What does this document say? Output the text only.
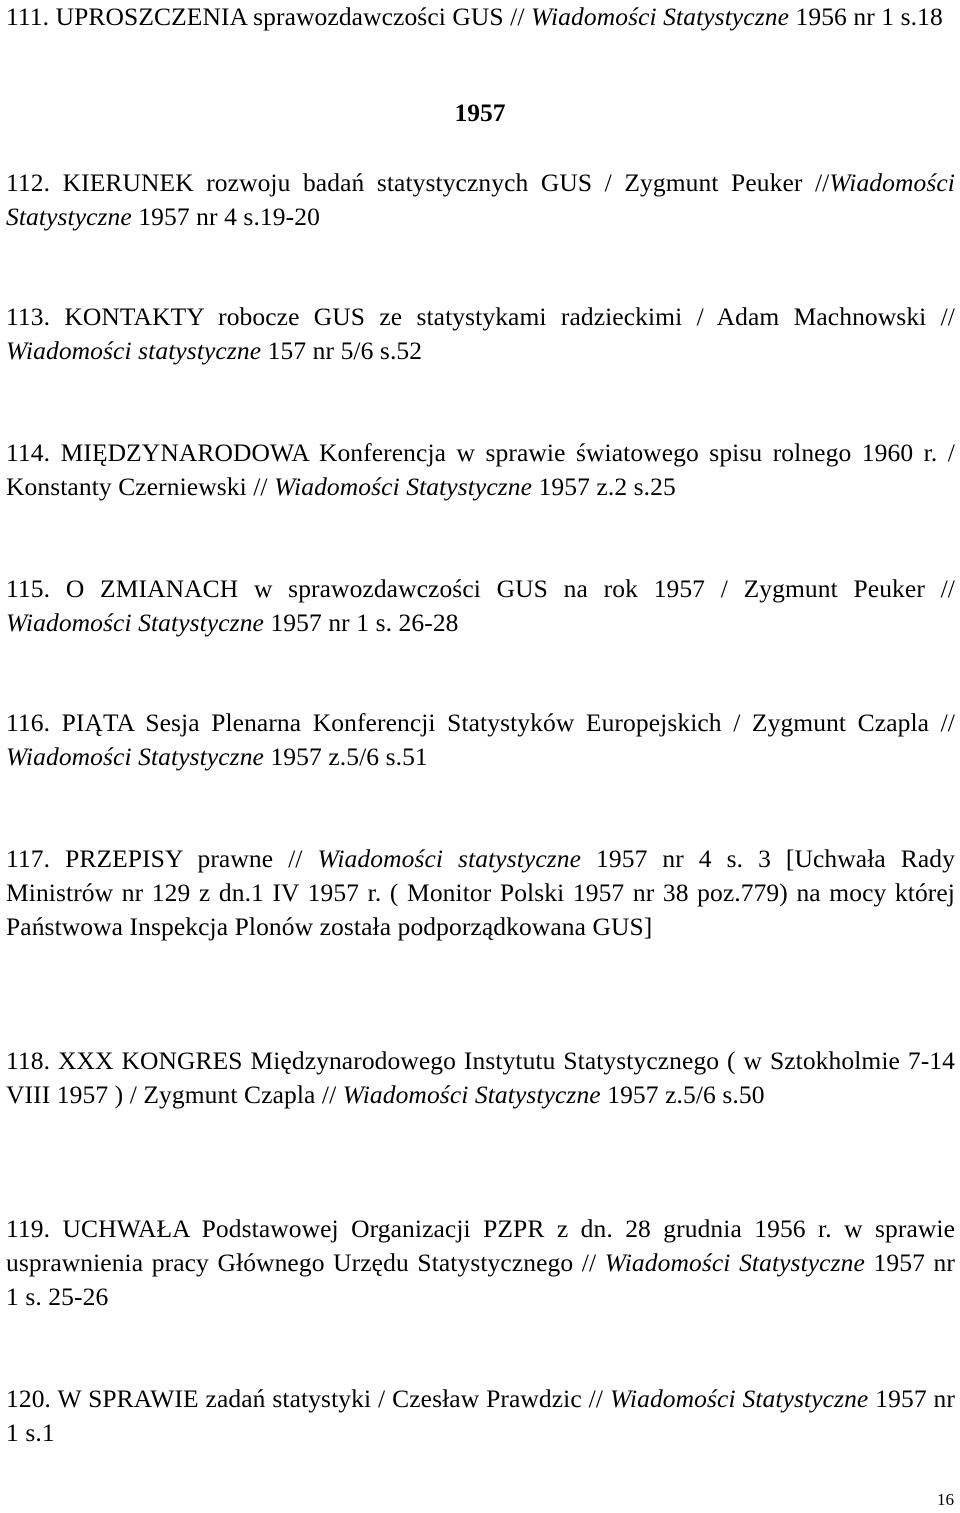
111. UPROSZCZENIA sprawozdawczości GUS // Wiadomości Statystyczne 1956 nr 1 s.18
1957
112. KIERUNEK rozwoju badań statystycznych GUS / Zygmunt Peuker //Wiadomości Statystyczne 1957 nr 4 s.19-20
113. KONTAKTY robocze GUS ze statystykami radzieckimi / Adam Machnowski // Wiadomości statystyczne 157 nr 5/6 s.52
114. MIĘDZYNARODOWA Konferencja w sprawie światowego spisu rolnego 1960 r. / Konstanty Czerniewski // Wiadomości Statystyczne 1957 z.2 s.25
115. O ZMIANACH w sprawozdawczości GUS na rok 1957 / Zygmunt Peuker // Wiadomości Statystyczne 1957 nr 1 s. 26-28
116. PIĄTA Sesja Plenarna Konferencji Statystyków Europejskich / Zygmunt Czapla // Wiadomości Statystyczne 1957 z.5/6 s.51
117. PRZEPISY prawne // Wiadomości statystyczne 1957 nr 4 s. 3 [Uchwała Rady Ministrów nr 129 z dn.1 IV 1957 r. ( Monitor Polski 1957 nr 38 poz.779) na mocy której Państwowa Inspekcja Plonów została podporządkowana GUS]
118. XXX KONGRES Międzynarodowego Instytutu Statystycznego ( w Sztokholmie 7-14 VIII 1957 ) / Zygmunt Czapla // Wiadomości Statystyczne 1957 z.5/6 s.50
119. UCHWAŁA Podstawowej Organizacji PZPR z dn. 28 grudnia 1956 r. w sprawie usprawnienia pracy Głównego Urzędu Statystycznego // Wiadomości Statystyczne 1957 nr 1 s. 25-26
120. W SPRAWIE zadań statystyki / Czesław Prawdzic // Wiadomości Statystyczne 1957 nr 1 s.1
16
